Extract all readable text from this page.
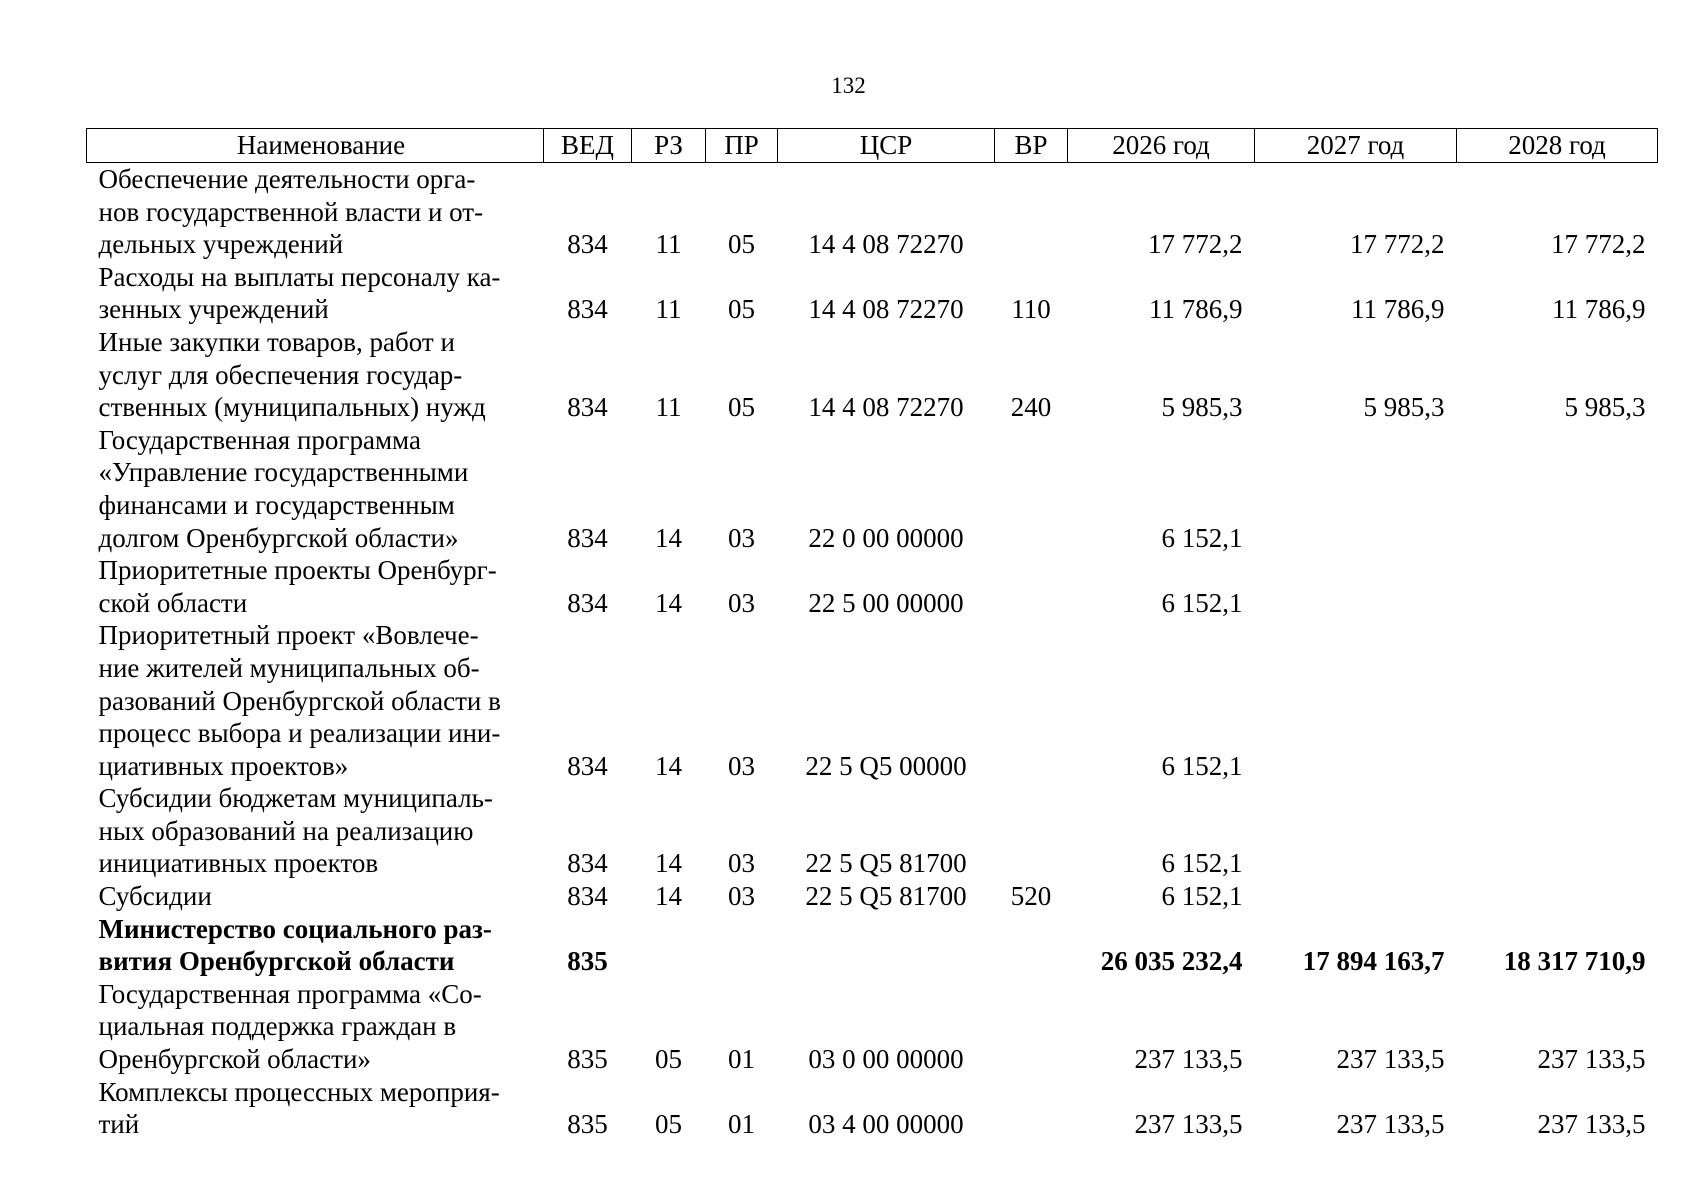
132
Наименование	ВЕД	РЗ	ПР	ЦСР	ВР	2026 год	2027 год	2028 год

Обеспечение деятельности орга-
нов государственной власти и от-
дельных учреждений	834	11	05	14 4 08 72270		17 772,2	17 772,2	17 772,2

Расходы на выплаты персоналу ка-
зенных учреждений	834	11	05	14 4 08 72270	110	11 786,9	11 786,9	11 786,9

Иные закупки товаров, работ и
услуг для обеспечения государ-
ственных (муниципальных) нужд	834	11	05	14 4 08 72270	240	5 985,3	5 985,3	5 985,3

Государственная программа
«Управление государственными
финансами и государственным
долгом Оренбургской области»	834	14	03	22 0 00 00000		6 152,1		

Приоритетные проекты Оренбург-
ской области	834	14	03	22 5 00 00000		6 152,1		

Приоритетный проект «Вовлече-
ние жителей муниципальных об-
разований Оренбургской области в
процесс выбора и реализации ини-
циативных проектов»	834	14	03	22 5 Q5 00000		6 152,1		

Субсидии бюджетам муниципаль-
ных образований на реализацию
инициативных проектов	834	14	03	22 5 Q5 81700		6 152,1		

Субсидии	834	14	03	22 5 Q5 81700	520	6 152,1		

Министерство социального раз-
вития Оренбургской области	835					26 035 232,4	17 894 163,7	18 317 710,9

Государственная программа «Со-
циальная поддержка граждан в
Оренбургской области»	835	05	01	03 0 00 00000		237 133,5	237 133,5	237 133,5

Комплексы процессных мероприя-
тий	835	05	01	03 4 00 00000		237 133,5	237 133,5	237 133,5
